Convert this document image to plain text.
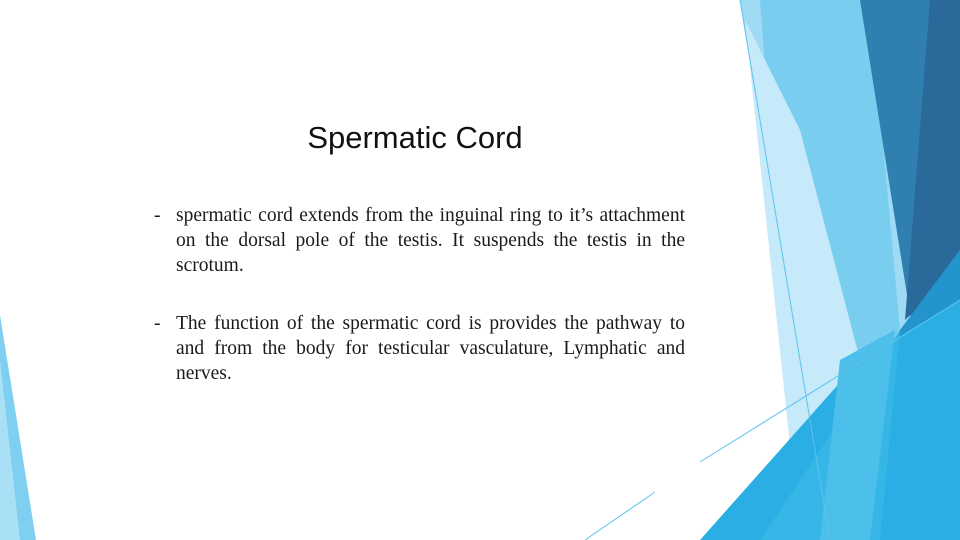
Spermatic Cord
- spermatic cord extends from the inguinal ring to it’s attachment on the dorsal pole of the testis. It suspends the testis in the scrotum.
- The function of the spermatic cord is provides the pathway to and from the body for testicular vasculature, Lymphatic and nerves.
